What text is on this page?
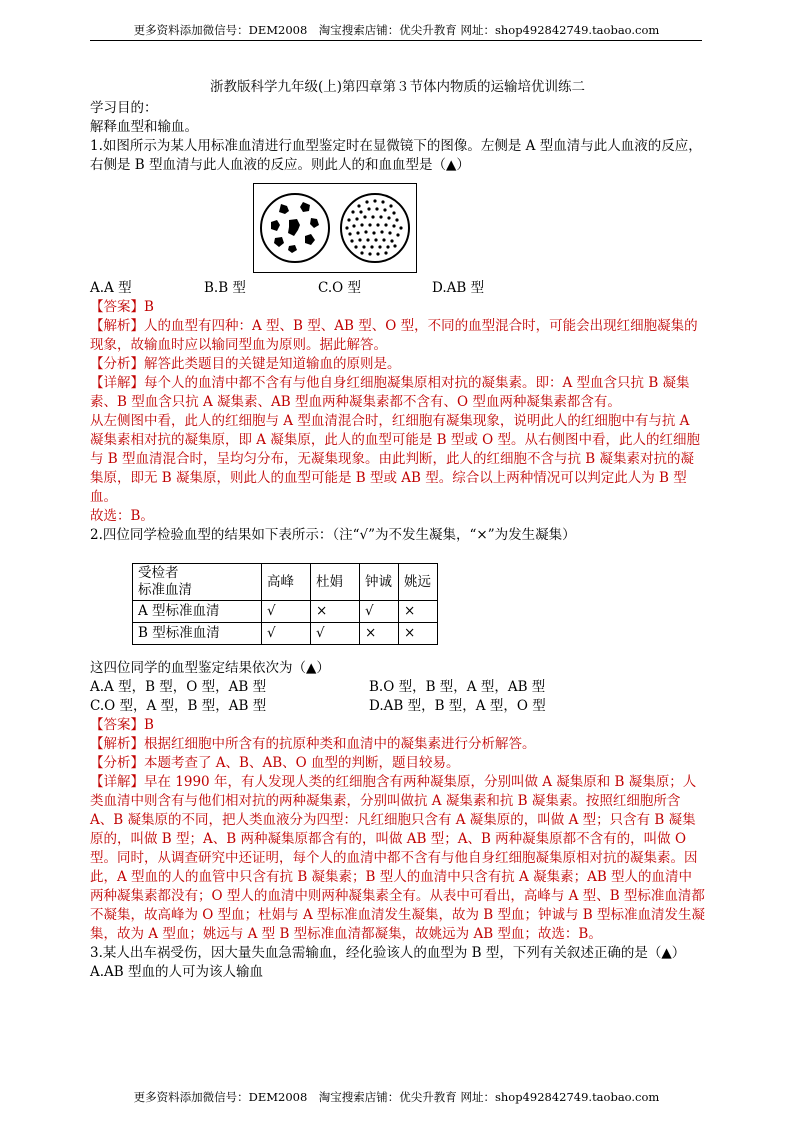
更多资料添加微信号：DEM2008　淘宝搜索店铺：优尖升教育 网址：shop492842749.taobao.com

浙教版科学九年级(上)第四章第３节体内物质的运输培优训练二

学习目的：

解释血型和输血。

1.如图所示为某人用标准血清进行血型鉴定时在显微镜下的图像。左侧是 A 型血清与此人血液的反应，右侧是 B 型血清与此人血液的反应。则此人的和血血型是（▲）

A.A 型	B.B 型	C.O 型	D.AB 型

【答案】B

【解析】人的血型有四种：A 型、B 型、AB 型、O 型，不同的血型混合时，可能会出现红细胞凝集的现象，故输血时应以输同型血为原则。据此解答。

【分析】解答此类题目的关键是知道输血的原则是。

【详解】每个人的血清中都不含有与他自身红细胞凝集原相对抗的凝集素。即：A 型血含只抗 B 凝集素、B 型血含只抗 A 凝集素、AB 型血两种凝集素都不含有、O 型血两种凝集素都含有。

从左侧图中看，此人的红细胞与 A 型血清混合时，红细胞有凝集现象，说明此人的红细胞中有与抗 A 凝集素相对抗的凝集原，即 A 凝集原，此人的血型可能是 B 型或 O 型。从右侧图中看，此人的红细胞与 B 型血清混合时，呈均匀分布，无凝集现象。由此判断，此人的红细胞不含与抗 B 凝集素对抗的凝集原，即无 B 凝集原，则此人的血型可能是 B 型或 AB 型。综合以上两种情况可以判定此人为 B 型血。

故选：B。

2.四位同学检验血型的结果如下表所示：（注“√”为不发生凝集，“×”为发生凝集）

受检者
标准血清	高峰	杜娟	钟诚	姚远
A 型标准血清	√	×	√	×
B 型标准血清	√	√	×	×

这四位同学的血型鉴定结果依次为（▲）

A.A 型，B 型，O 型，AB 型	B.O 型，B 型，A 型，AB 型
C.O 型，A 型，B 型，AB 型	D.AB 型，B 型，A 型，O 型

【答案】B

【解析】根据红细胞中所含有的抗原种类和血清中的凝集素进行分析解答。

【分析】本题考查了 A、B、AB、O 血型的判断，题目较易。

【详解】早在 1990 年，有人发现人类的红细胞含有两种凝集原，分别叫做 A 凝集原和 B 凝集原；人类血清中则含有与他们相对抗的两种凝集素，分别叫做抗 A 凝集素和抗 B 凝集素。按照红细胞所含 A、B 凝集原的不同，把人类血液分为四型：凡红细胞只含有 A 凝集原的，叫做 A 型；只含有 B 凝集原的，叫做 B 型；A、B 两种凝集原都含有的，叫做 AB 型；A、B 两种凝集原都不含有的，叫做 O 型。同时，从调查研究中还证明，每个人的血清中都不含有与他自身红细胞凝集原相对抗的凝集素。因此，A 型血的人的血管中只含有抗 B 凝集素；B 型人的血清中只含有抗 A 凝集素；AB 型人的血清中两种凝集素都没有；O 型人的血清中则两种凝集素全有。从表中可看出，高峰与 A 型、B 型标准血清都不凝集，故高峰为 O 型血；杜娟与 A 型标准血清发生凝集，故为 B 型血；钟诚与 B 型标准血清发生凝集，故为 A 型血；姚远与 A 型 B 型标准血清都凝集，故姚远为 AB 型血；故选：B。

3.某人出车祸受伤，因大量失血急需输血，经化验该人的血型为 B 型，下列有关叙述正确的是（▲）

A.AB 型血的人可为该人输血

更多资料添加微信号：DEM2008　淘宝搜索店铺：优尖升教育 网址：shop492842749.taobao.com
